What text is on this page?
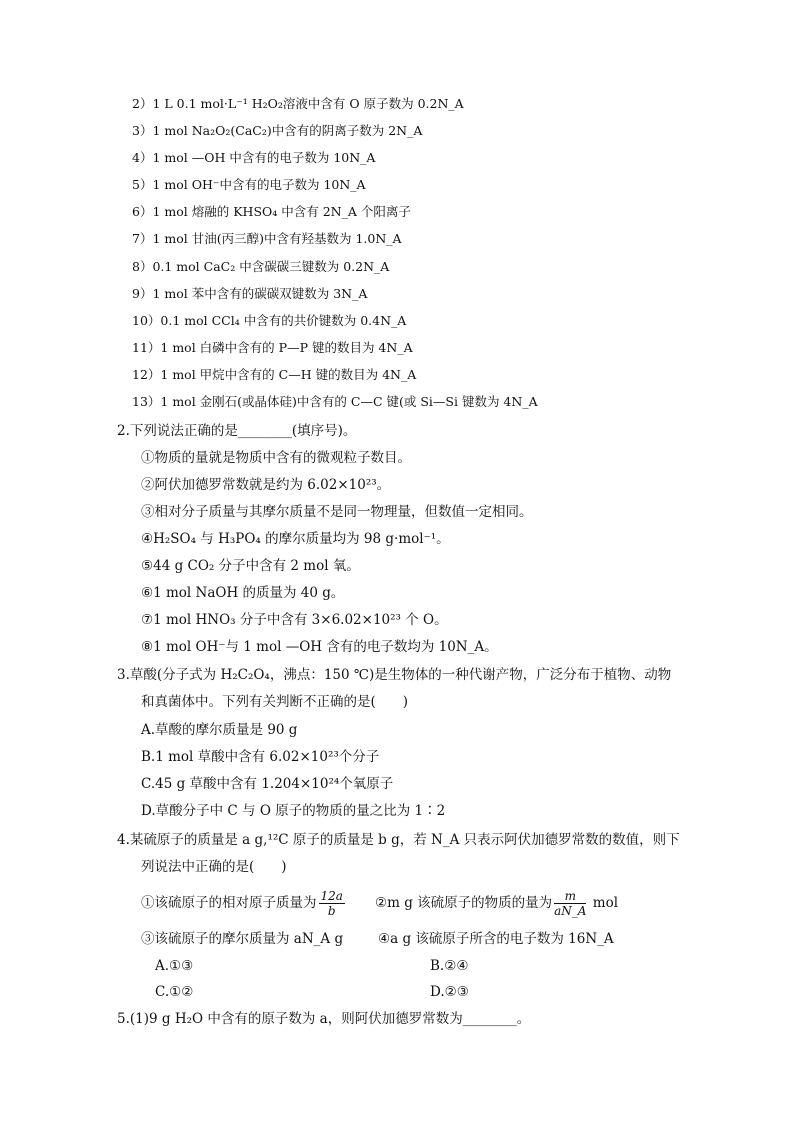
2）1 L 0.1 mol·L⁻¹ H₂O₂溶液中含有 O 原子数为 0.2N_A
3）1 mol Na₂O₂(CaC₂)中含有的阴离子数为 2N_A
4）1 mol —OH 中含有的电子数为 10N_A
5）1 mol OH⁻中含有的电子数为 10N_A
6）1 mol 熔融的 KHSO₄ 中含有 2N_A 个阳离子
7）1 mol 甘油(丙三醇)中含有羟基数为 1.0N_A
8）0.1 mol CaC₂ 中含碳碳三键数为 0.2N_A
9）1 mol 苯中含有的碳碳双键数为 3N_A
10）0.1 mol CCl₄ 中含有的共价键数为 0.4N_A
11）1 mol 白磷中含有的 P—P 键的数目为 4N_A
12）1 mol 甲烷中含有的 C—H 键的数目为 4N_A
13）1 mol 金刚石(或晶体硅)中含有的 C—C 键(或 Si—Si 键数为 4N_A
2.下列说法正确的是________(填序号)。
①物质的量就是物质中含有的微观粒子数目。
②阿伏加德罗常数就是约为 6.02×10²³。
③相对分子质量与其摩尔质量不是同一物理量，但数值一定相同。
④H₂SO₄ 与 H₃PO₄ 的摩尔质量均为 98 g·mol⁻¹。
⑤44 g CO₂ 分子中含有 2 mol 氧。
⑥1 mol NaOH 的质量为 40 g。
⑦1 mol HNO₃ 分子中含有 3×6.02×10²³ 个 O。
⑧1 mol OH⁻与 1 mol —OH 含有的电子数均为 10N_A。
3.草酸(分子式为 H₂C₂O₄，沸点：150 ℃)是生物体的一种代谢产物，广泛分布于植物、动物
和真菌体中。下列有关判断不正确的是(　　)
A.草酸的摩尔质量是 90 g
B.1 mol 草酸中含有 6.02×10²³个分子
C.45 g 草酸中含有 1.204×10²⁴个氧原子
D.草酸分子中 C 与 O 原子的物质的量之比为 1∶2
4.某硫原子的质量是 a g,¹²C 原子的质量是 b g，若 N_A 只表示阿伏加德罗常数的数值，则下
列说法中正确的是(　　)
①该硫原子的相对原子质量为 $\frac{12a}{b}$ ②m g 该硫原子的物质的量为 $\frac{m}{aN\_A}$ mol
③该硫原子的摩尔质量为 aN_A g	④a g 该硫原子所含的电子数为 16N_A
A.①③	B.②④
C.①②	D.②③
5.(1)9 g H₂O 中含有的原子数为 a，则阿伏加德罗常数为________。
